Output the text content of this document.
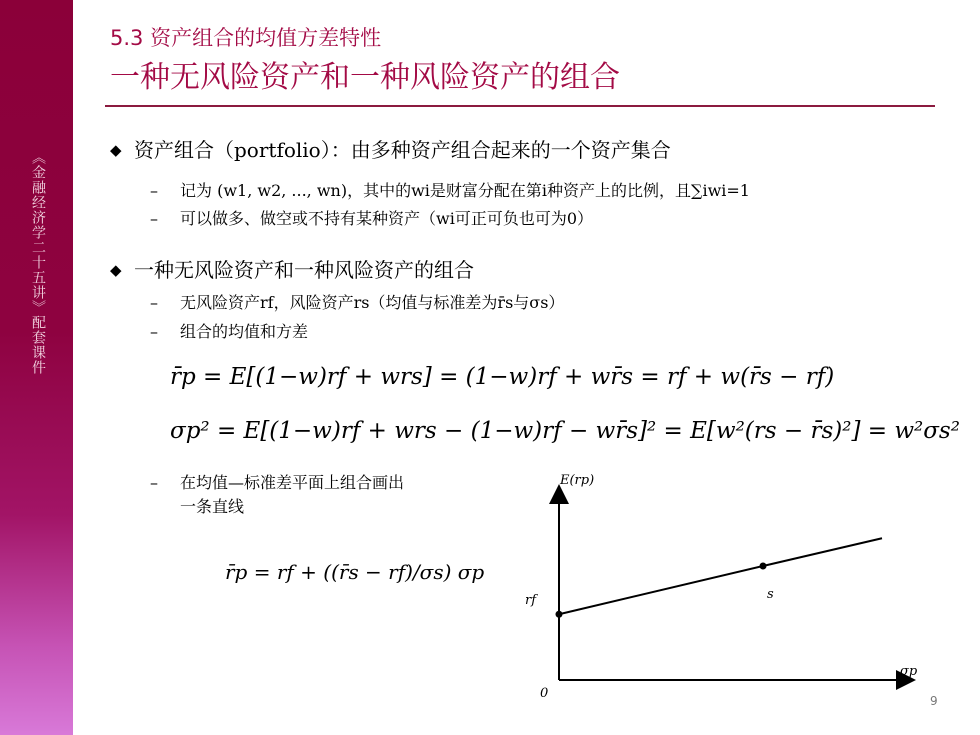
《金融经济学二十五讲》配套课件
5.3 资产组合的均值方差特性
一种无风险资产和一种风险资产的组合
◆ 资产组合（portfolio）：由多种资产组合起来的一个资产集合
– 记为 (w1, w2, ..., wn)，其中的wi是财富分配在第i种资产上的比例，且∑iwi=1
– 可以做多、做空或不持有某种资产（wi可正可负也可为0）
◆ 一种无风险资产和一种风险资产的组合
– 无风险资产rf，风险资产rs（均值与标准差为r̄s与σs）
– 组合的均值和方差
r̄p = E[(1−w)rf + wrs] = (1−w)rf + wr̄s = rf + w(r̄s − rf)
σp² = E[(1−w)rf + wrs − (1−w)rf − wr̄s]² = E[w²(rs − r̄s)²] = w²σs²
– 在均值—标准差平面上组合画出
一条直线
r̄p = rf + ((r̄s − rf)/σs) σp
E(rp)
σp
0
rf	s
9
